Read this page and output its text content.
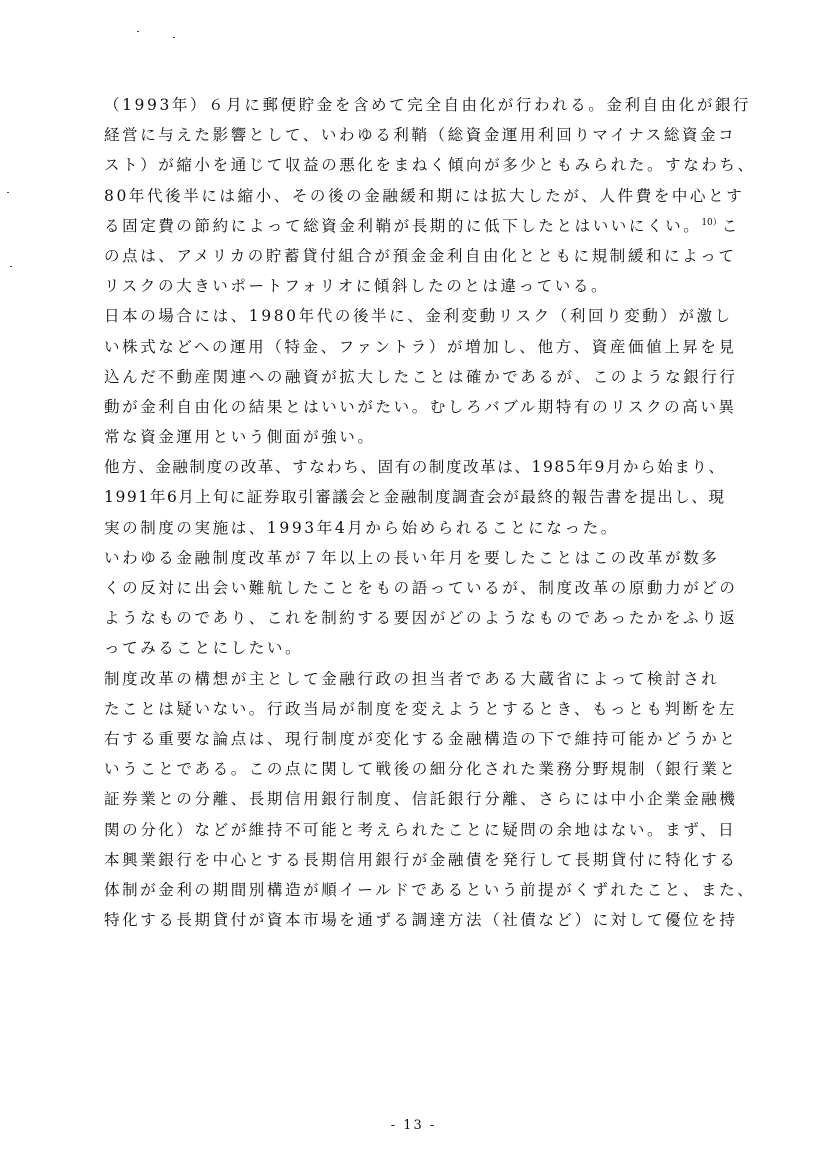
（1993年）６月に郵便貯金を含めて完全自由化が行われる。金利自由化が銀行
経営に与えた影響として、いわゆる利鞘（総資金運用利回りマイナス総資金コ
スト）が縮小を通じて収益の悪化をまねく傾向が多少ともみられた。すなわち、
80年代後半には縮小、その後の金融緩和期には拡大したが、人件費を中心とす
る固定費の節約によって総資金利鞘が長期的に低下したとはいいにくい。$^{10)}$こ
の点は、アメリカの貯蓄貸付組合が預金金利自由化とともに規制緩和によって
リスクの大きいポートフォリオに傾斜したのとは違っている。
日本の場合には、1980年代の後半に、金利変動リスク（利回り変動）が激し
い株式などへの運用（特金、ファントラ）が増加し、他方、資産価値上昇を見
込んだ不動産関連への融資が拡大したことは確かであるが、このような銀行行
動が金利自由化の結果とはいいがたい。むしろバブル期特有のリスクの高い異
常な資金運用という側面が強い。
他方、金融制度の改革、すなわち、固有の制度改革は、1985年9月から始まり、
1991年6月上旬に証券取引審議会と金融制度調査会が最終的報告書を提出し、現
実の制度の実施は、1993年4月から始められることになった。
いわゆる金融制度改革が７年以上の長い年月を要したことはこの改革が数多
くの反対に出会い難航したことをもの語っているが、制度改革の原動力がどの
ようなものであり、これを制約する要因がどのようなものであったかをふり返
ってみることにしたい。
制度改革の構想が主として金融行政の担当者である大蔵省によって検討され
たことは疑いない。行政当局が制度を変えようとするとき、もっとも判断を左
右する重要な論点は、現行制度が変化する金融構造の下で維持可能かどうかと
いうことである。この点に関して戦後の細分化された業務分野規制（銀行業と
証券業との分離、長期信用銀行制度、信託銀行分離、さらには中小企業金融機
関の分化）などが維持不可能と考えられたことに疑問の余地はない。まず、日
本興業銀行を中心とする長期信用銀行が金融債を発行して長期貸付に特化する
体制が金利の期間別構造が順イールドであるという前提がくずれたこと、また、
特化する長期貸付が資本市場を通ずる調達方法（社債など）に対して優位を持
- 13 -
